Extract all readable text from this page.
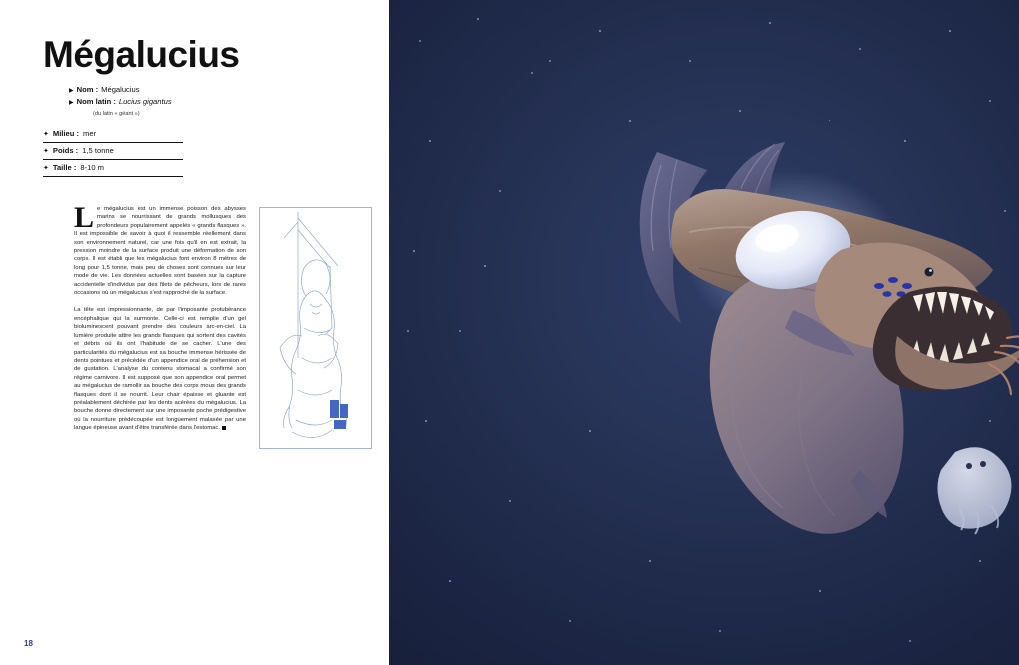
Mégalucius
▶ Nom : Mégalucius
▶ Nom latin : Lucius gigantus
(du latin « géant »)
✦ Milieu : mer
✦ Poids : 1,5 tonne
✦ Taille : 8-10 m

Le mégalucius est un immense poisson des abysses marins se nourrissant de grands mollusques des profondeurs populairement appelés « grands flasques ». Il est impossible de savoir à quoi il ressemble réellement dans son environnement naturel, car une fois qu'il en est extrait, la pression moindre de la surface produit une déformation de son corps. Il est établi que les mégalucius font environ 8 mètres de long pour 1,5 tonne, mais peu de choses sont connues sur leur mode de vie. Les données actuelles sont basées sur la capture accidentelle d'individus par des filets de pêcheurs, lors de rares occasions où un mégalucius s'est rapproché de la surface.

La tête est impressionnante, de par l'imposante protubérance encéphalique qui la surmonte. Celle-ci est remplie d'un gel bioluminescent pouvant prendre des couleurs arc-en-ciel. La lumière produite attire les grands flasques qui sortent des cavités et débris où ils ont l'habitude de se cacher. L'une des particularités du mégalucius est sa bouche immense hérissée de dents pointues et précédée d'un appendice oral de préhension et de gustation. L'analyse du contenu stomacal a confirmé son régime carnivore. Il est supposé que son appendice oral permet au mégalucius de ramollir sa bouche des corps mous des grands flasques dont il se nourrit. Leur chair épaisse et gluante est préalablement déchirée par les dents acérées du mégalucius. La bouche donne directement sur une imposante poche prédigestive où la nourriture prédécoupée est longuement malaxée par une langue épineuse avant d'être transférée dans l'estomac.

18
